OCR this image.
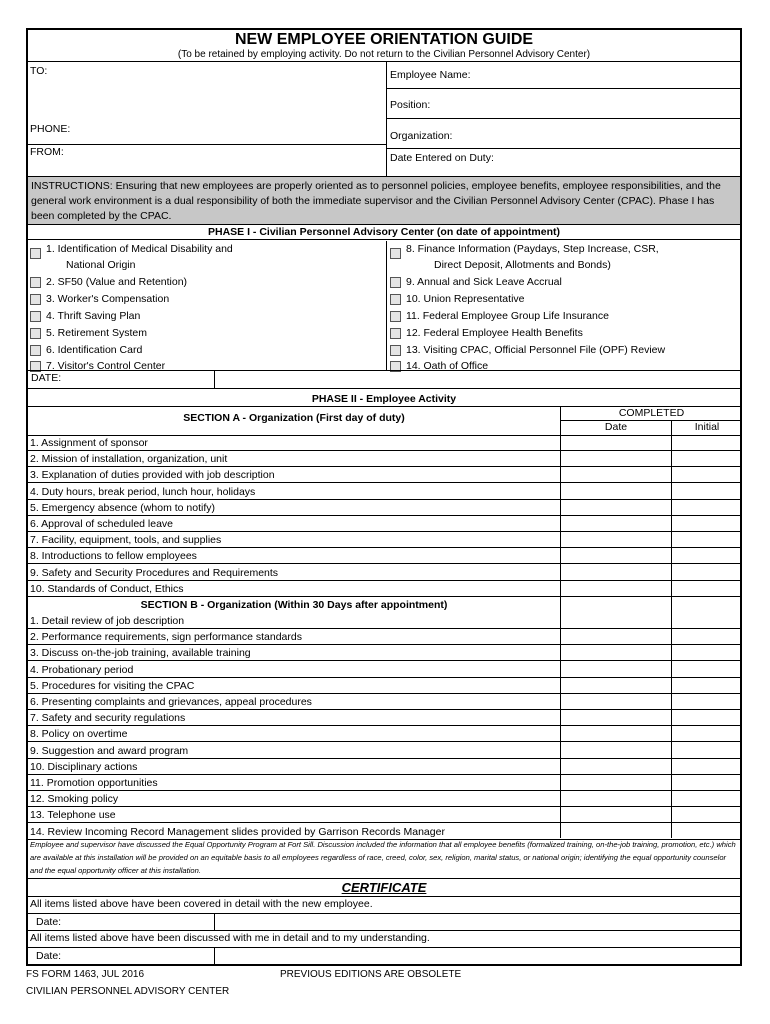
NEW EMPLOYEE ORIENTATION GUIDE
(To be retained by employing activity. Do not return to the Civilian Personnel Advisory Center)
TO:
PHONE:
FROM:
Employee Name:
Position:
Organization:
Date Entered on Duty:
INSTRUCTIONS: Ensuring that new employees are properly oriented as to personnel policies, employee benefits, employee responsibilities, and the general work environment is a dual responsibility of both the immediate supervisor and the Civilian Personnel Advisory Center (CPAC). Phase I has been completed by the CPAC.
PHASE I - Civilian Personnel Advisory Center (on date of appointment)
1. Identification of Medical Disability and
2. SF50 (Value and Retention)
3. Worker's Compensation
4. Thrift Saving Plan
5. Retirement System
6. Identification Card
7. Visitor's Control Center
National Origin
8. Finance Information (Paydays, Step Increase, CSR,
9. Annual and Sick Leave Accrual
10. Union Representative
11. Federal Employee Group Life Insurance
12. Federal Employee Health Benefits
13. Visiting CPAC, Official Personnel File (OPF) Review
14. Oath of Office
Direct Deposit, Allotments and Bonds)
DATE:
PHASE II - Employee Activity
SECTION A - Organization (First day of duty)	COMPLETED
Date	Initial
1. Assignment of sponsor
2. Mission of installation, organization, unit
3. Explanation of duties provided with job description
4. Duty hours, break period, lunch hour, holidays
5. Emergency absence (whom to notify)
6. Approval of scheduled leave
7. Facility, equipment, tools, and supplies
8. Introductions to fellow employees
9. Safety and Security Procedures and Requirements
10. Standards of Conduct, Ethics
SECTION B - Organization (Within 30 Days after appointment)
1. Detail review of job description
2. Performance requirements, sign performance standards
3. Discuss on-the-job training, available training
4. Probationary period
5. Procedures for visiting the CPAC
6. Presenting complaints and grievances, appeal procedures
7. Safety and security regulations
8. Policy on overtime
9. Suggestion and award program
10. Disciplinary actions
11. Promotion opportunities
12. Smoking policy
13. Telephone use
14. Review Incoming Record Management slides provided by Garrison Records Manager
Employee and supervisor have discussed the Equal Opportunity Program at Fort Sill. Discussion included the information that all employee benefits (formalized training, on-the-job training, promotion, etc.) which are available at this installation will be provided on an equitable basis to all employees regardless of race, creed, color, sex, religion, marital status, or national origin; identifying the equal opportunity counselor and the equal opportunity officer at this installation.
CERTIFICATE
All items listed above have been covered in detail with the new employee.
Date:
All items listed above have been discussed with me in detail and to my understanding.
Date:
FS FORM 1463, JUL 2016	PREVIOUS EDITIONS ARE OBSOLETE
CIVILIAN PERSONNEL ADVISORY CENTER
